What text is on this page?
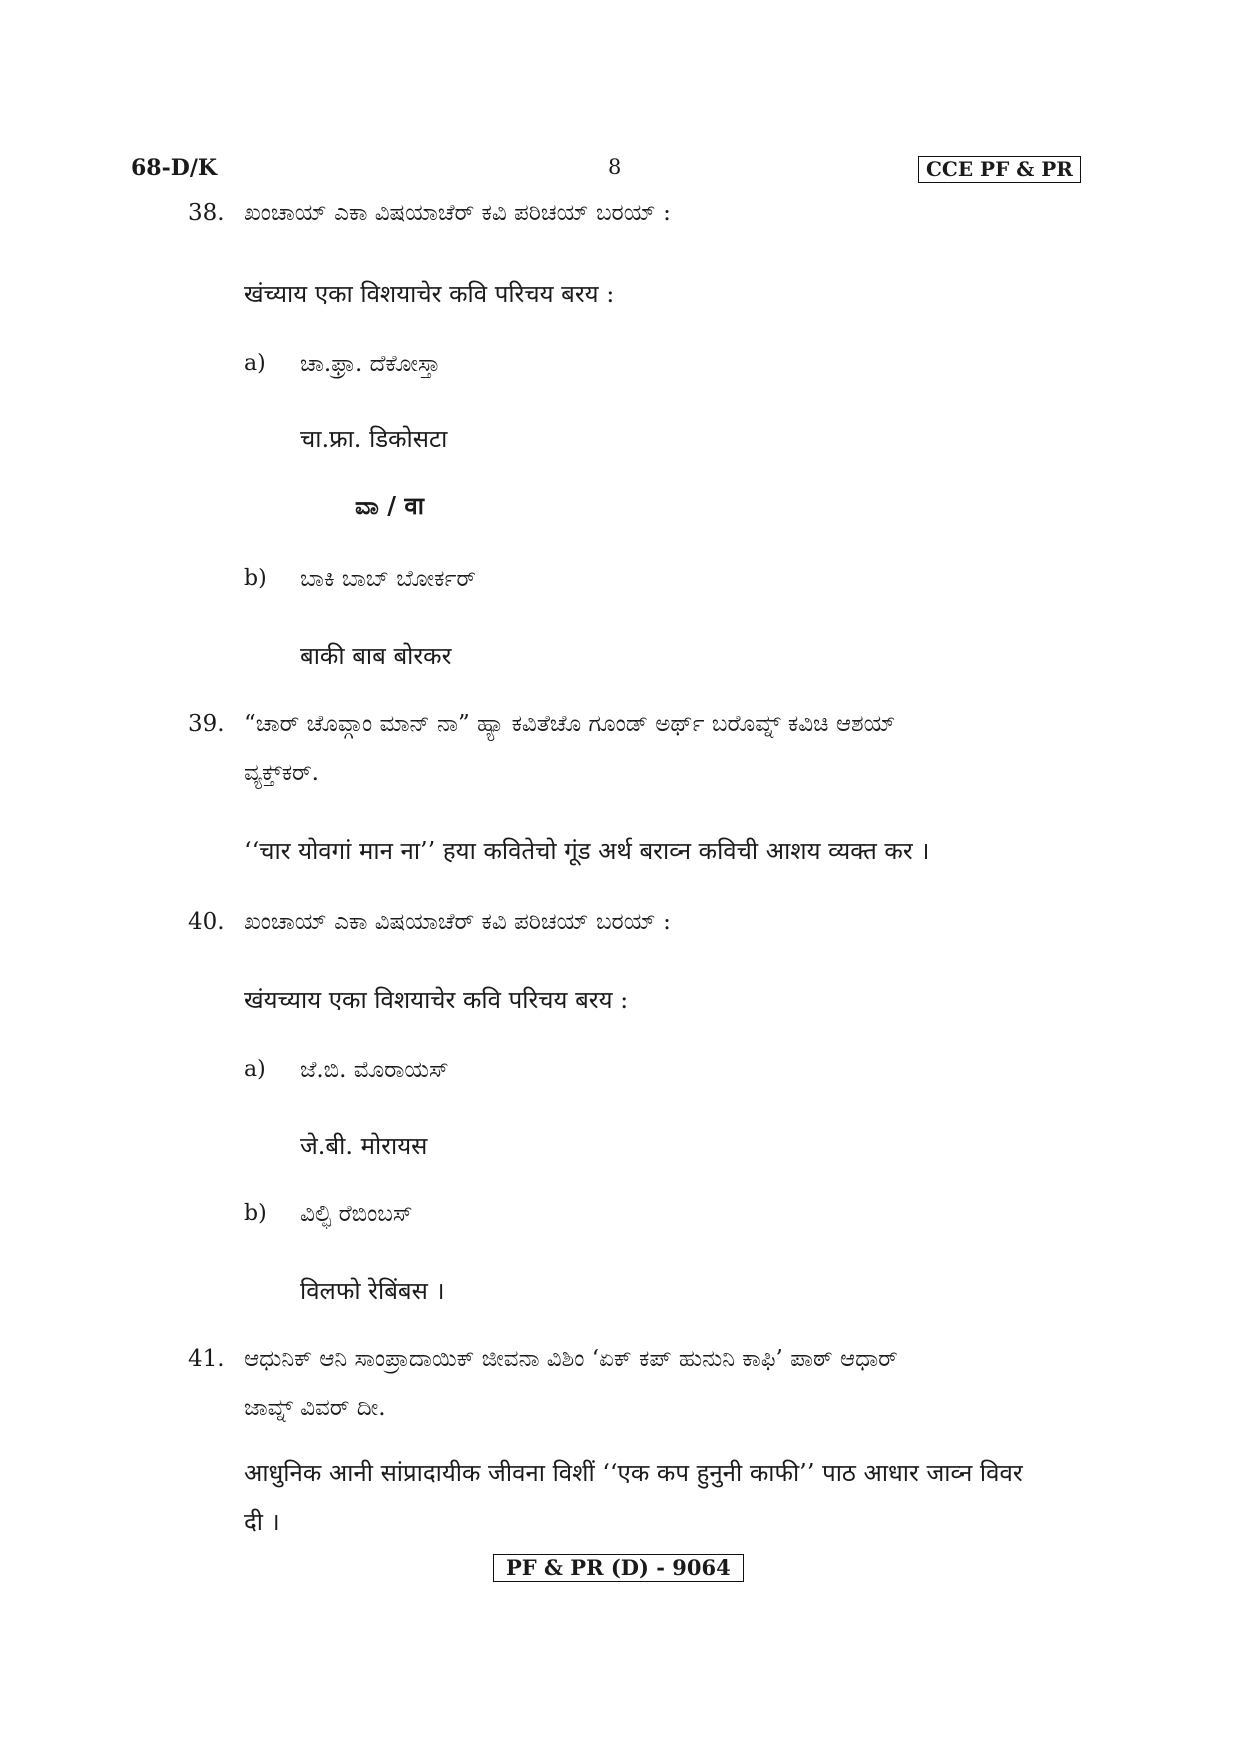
68-D/K	8	CCE PF & PR
38. ಖಂಚಾಯ್ ಎಕಾ ವಿಷಯಾಚೆರ್ ಕವಿ ಪರಿಚಯ್ ಬರಯ್ :
खंच्याय एका विशयाचेर कवि परिचय बरय :
a) ಚಾ.ಫ್ರಾ. ದೆಕೋಸ್ತಾ
चा.फ्रा. डिकोसटा
ವಾ / वा
b) ಬಾಕಿ ಬಾಬ್ ಬೋರ್ಕರ್
बाकी बाब बोरकर
39. “ಚಾರ್ ಚೊವ್ಗಾಂ ಮಾನ್ ನಾ” ಹ್ಯಾ ಕವಿತೆಚೊ ಗೂಂಡ್ ಅರ್ಥ್ ಬರೊವ್ನ್ ಕವಿಚಿ ಆಶಯ್
ವ್ಯಕ್ತ್‌ಕರ್.
‘‘चार योवगां मान ना’’ हया कवितेचो गूंड अर्थ बराव्न कविची आशय व्यक्त कर ।
40. ಖಂಚಾಯ್ ಎಕಾ ವಿಷಯಾಚೆರ್ ಕವಿ ಪರಿಚಯ್ ಬರಯ್ :
खंयच्याय एका विशयाचेर कवि परिचय बरय :
a) ಜೆ.ಬಿ. ಮೊರಾಯಸ್
जे.बी. मोरायस
b) ವಿಲ್ಫಿ ರೆಬಿಂಬಸ್
विलफो रेबिंबस ।
41. ಆಧುನಿಕ್ ಆನಿ ಸಾಂಪ್ರಾದಾಯಿಕ್ ಜೀವನಾ ವಿಶಿಂ ‘ಏಕ್ ಕಪ್ ಹುನುನಿ ಕಾಫಿ’ ಪಾಠ್ ಆಧಾರ್
ಜಾವ್ನ್ ವಿವರ್ ದೀ.
आधुनिक आनी सांप्रादायीक जीवना विशीं ‘‘एक कप हुनुनी काफी’’ पाठ आधार जाव्न विवर
दी ।
PF & PR (D) - 9064
